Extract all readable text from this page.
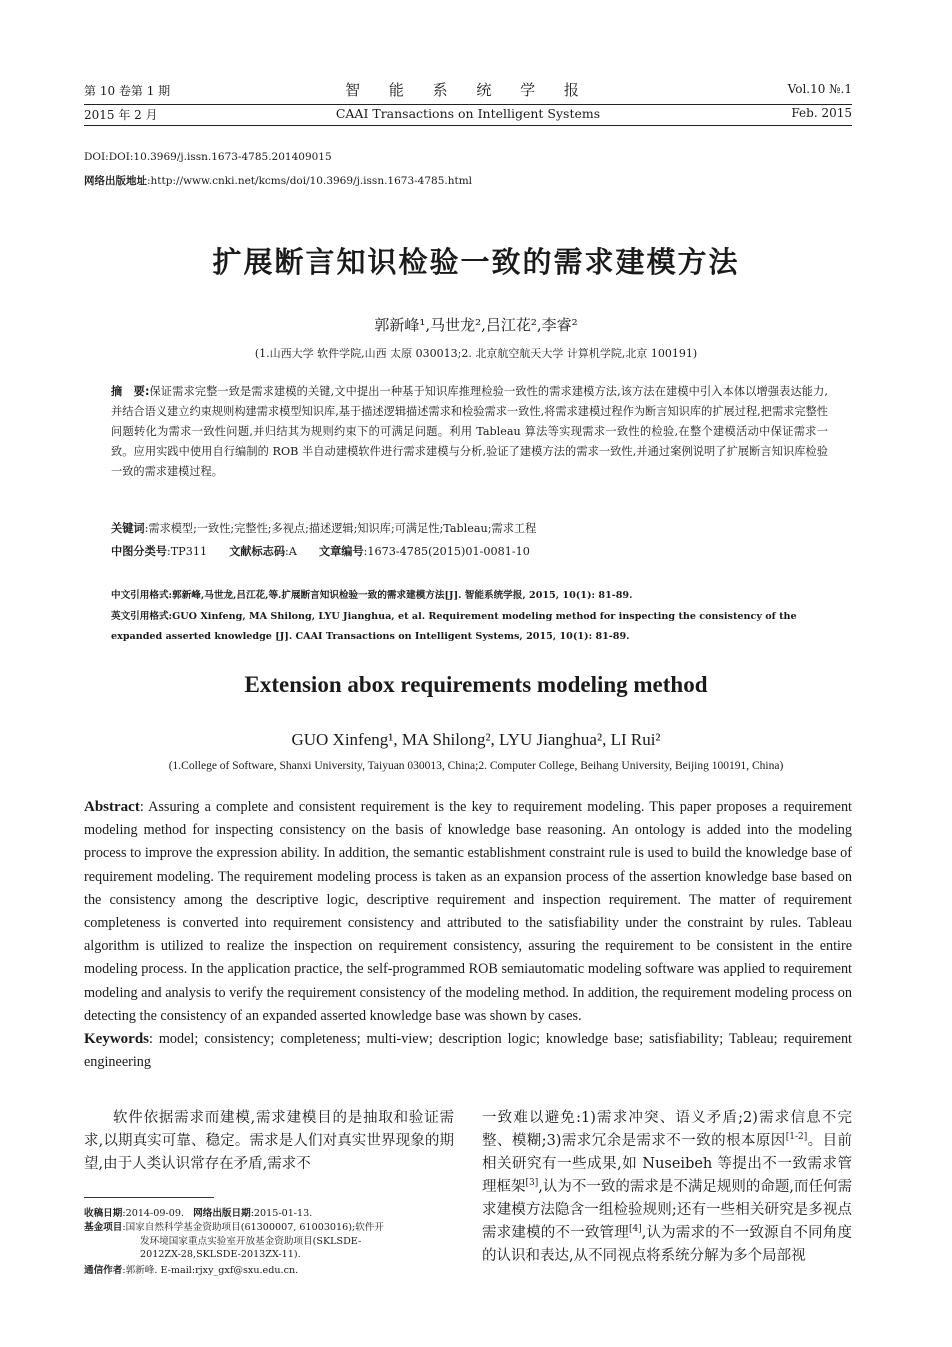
第 10 卷第 1 期	智 能 系 统 学 报	Vol.10 №.1
2015 年 2 月	CAAI Transactions on Intelligent Systems	Feb. 2015
DOI:DOI:10.3969/j.issn.1673-4785.201409015
网络出版地址:http://www.cnki.net/kcms/doi/10.3969/j.issn.1673-4785.html
扩展断言知识检验一致的需求建模方法
郭新峰¹,马世龙²,吕江花²,李睿²
(1.山西大学 软件学院,山西 太原 030013;2. 北京航空航天大学 计算机学院,北京 100191)
摘　要:保证需求完整一致是需求建模的关键,文中提出一种基于知识库推理检验一致性的需求建模方法,该方法在建模中引入本体以增强表达能力,并结合语义建立约束规则构建需求模型知识库,基于描述逻辑描述需求和检验需求一致性,将需求建模过程作为断言知识库的扩展过程,把需求完整性问题转化为需求一致性问题,并归结其为规则约束下的可满足问题。利用 Tableau 算法等实现需求一致性的检验,在整个建模活动中保证需求一致。应用实践中使用自行编制的 ROB 半自动建模软件进行需求建模与分析,验证了建模方法的需求一致性,并通过案例说明了扩展断言知识库检验一致的需求建模过程。
关键词:需求模型;一致性;完整性;多视点;描述逻辑;知识库;可满足性;Tableau;需求工程
中图分类号:TP311 文献标志码:A 文章编号:1673-4785(2015)01-0081-10
中文引用格式:郭新峰,马世龙,吕江花,等.扩展断言知识检验一致的需求建模方法[J]. 智能系统学报, 2015, 10(1): 81-89.
英文引用格式:GUO Xinfeng, MA Shilong, LYU Jianghua, et al. Requirement modeling method for inspecting the consistency of the expanded asserted knowledge [J]. CAAI Transactions on Intelligent Systems, 2015, 10(1): 81-89.
Extension abox requirements modeling method
GUO Xinfeng¹, MA Shilong², LYU Jianghua², LI Rui²
(1.College of Software, Shanxi University, Taiyuan 030013, China;2. Computer College, Beihang University, Beijing 100191, China)
Abstract: Assuring a complete and consistent requirement is the key to requirement modeling. This paper proposes a requirement modeling method for inspecting consistency on the basis of knowledge base reasoning. An ontology is added into the modeling process to improve the expression ability. In addition, the semantic establishment constraint rule is used to build the knowledge base of requirement modeling. The requirement modeling process is taken as an expansion process of the assertion knowledge base based on the consistency among the descriptive logic, descriptive requirement and inspection requirement. The matter of requirement completeness is converted into requirement consistency and attributed to the satisfiability under the constraint by rules. Tableau algorithm is utilized to realize the inspection on requirement consistency, assuring the requirement to be consistent in the entire modeling process. In the application practice, the self-programmed ROB semiautomatic modeling software was applied to requirement modeling and analysis to verify the requirement consistency of the modeling method. In addition, the requirement modeling process on detecting the consistency of an expanded asserted knowledge base was shown by cases.
Keywords: model; consistency; completeness; multi-view; description logic; knowledge base; satisfiability; Tableau; requirement engineering
软件依据需求而建模,需求建模目的是抽取和验证需求,以期真实可靠、稳定。需求是人们对真实世界现象的期望,由于人类认识常存在矛盾,需求不
一致难以避免:1)需求冲突、语义矛盾;2)需求信息不完整、模糊;3)需求冗余是需求不一致的根本原因[1-2]。目前相关研究有一些成果,如 Nuseibeh 等提出不一致需求管理框架[3],认为不一致的需求是不满足规则的命题,而任何需求建模方法隐含一组检验规则;还有一些相关研究是多视点需求建模的不一致管理[4],认为需求的不一致源自不同角度的认识和表达,从不同视点将系统分解为多个局部视
收稿日期:2014-09-09. 网络出版日期:2015-01-13.
基金项目:国家自然科学基金资助项目(61300007, 61003016);软件开
发环境国家重点实验室开放基金资助项目(SKLSDE-
2012ZX-28,SKLSDE-2013ZX-11).
通信作者:郭新峰. E-mail:rjxy_gxf@sxu.edu.cn.
